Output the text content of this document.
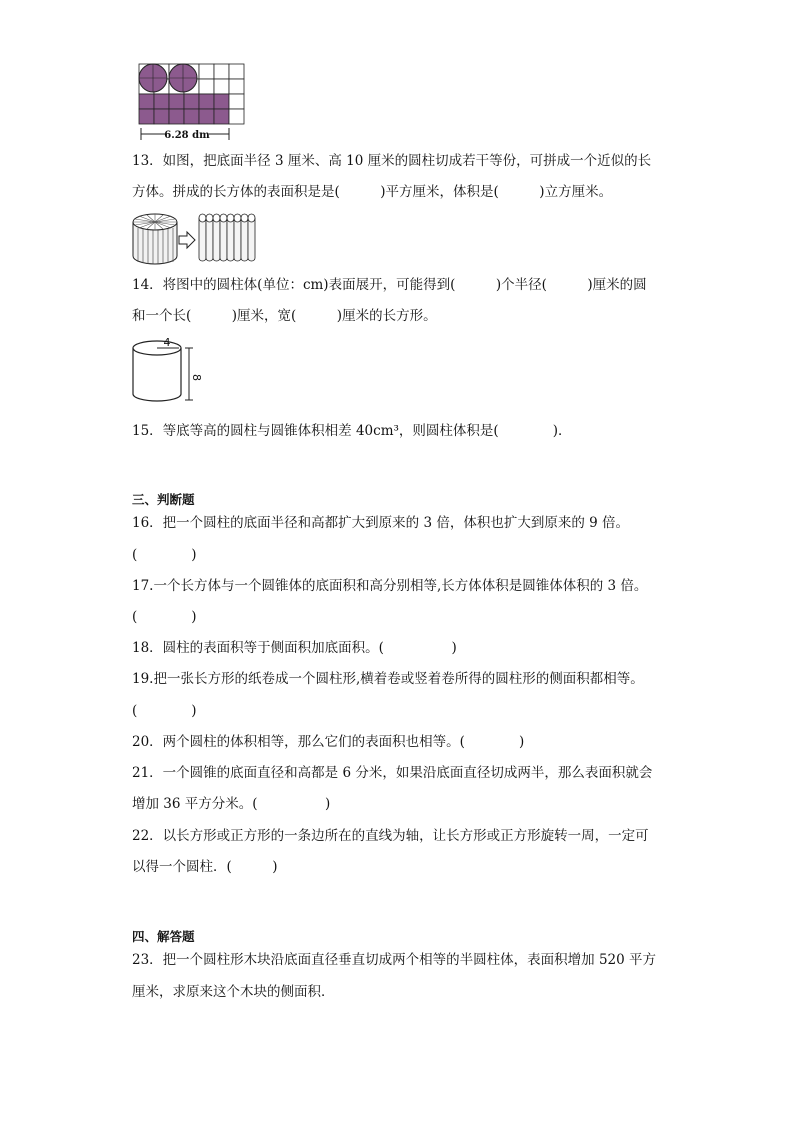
6.28 dm
13．如图，把底面半径 3 厘米、高 10 厘米的圆柱切成若干等份，可拼成一个近似的长
方体。拼成的长方体的表面积是是(　　　)平方厘米，体积是(　　　)立方厘米。
14．将图中的圆柱体(单位：cm)表面展开，可能得到(　　　)个半径(　　　)厘米的圆
和一个长(　　　)厘米，宽(　　　)厘米的长方形。
4
8
15．等底等高的圆柱与圆锥体积相差 40cm³，则圆柱体积是(　　　　)．
三、判断题
16．把一个圆柱的底面半径和高都扩大到原来的 3 倍，体积也扩大到原来的 9 倍。
(　　　　)
17.一个长方体与一个圆锥体的底面积和高分别相等,长方体体积是圆锥体体积的 3 倍。
(　　　　)
18．圆柱的表面积等于侧面积加底面积。(　　　　　)
19.把一张长方形的纸卷成一个圆柱形,横着卷或竖着卷所得的圆柱形的侧面积都相等。
(　　　　)
20．两个圆柱的体积相等，那么它们的表面积也相等。(　　　　)
21．一个圆锥的底面直径和高都是 6 分米，如果沿底面直径切成两半，那么表面积就会
增加 36 平方分米。(　　　　　)
22．以长方形或正方形的一条边所在的直线为轴，让长方形或正方形旋转一周，一定可
以得一个圆柱．(　　　)
四、解答题
23．把一个圆柱形木块沿底面直径垂直切成两个相等的半圆柱体，表面积增加 520 平方
厘米，求原来这个木块的侧面积．
